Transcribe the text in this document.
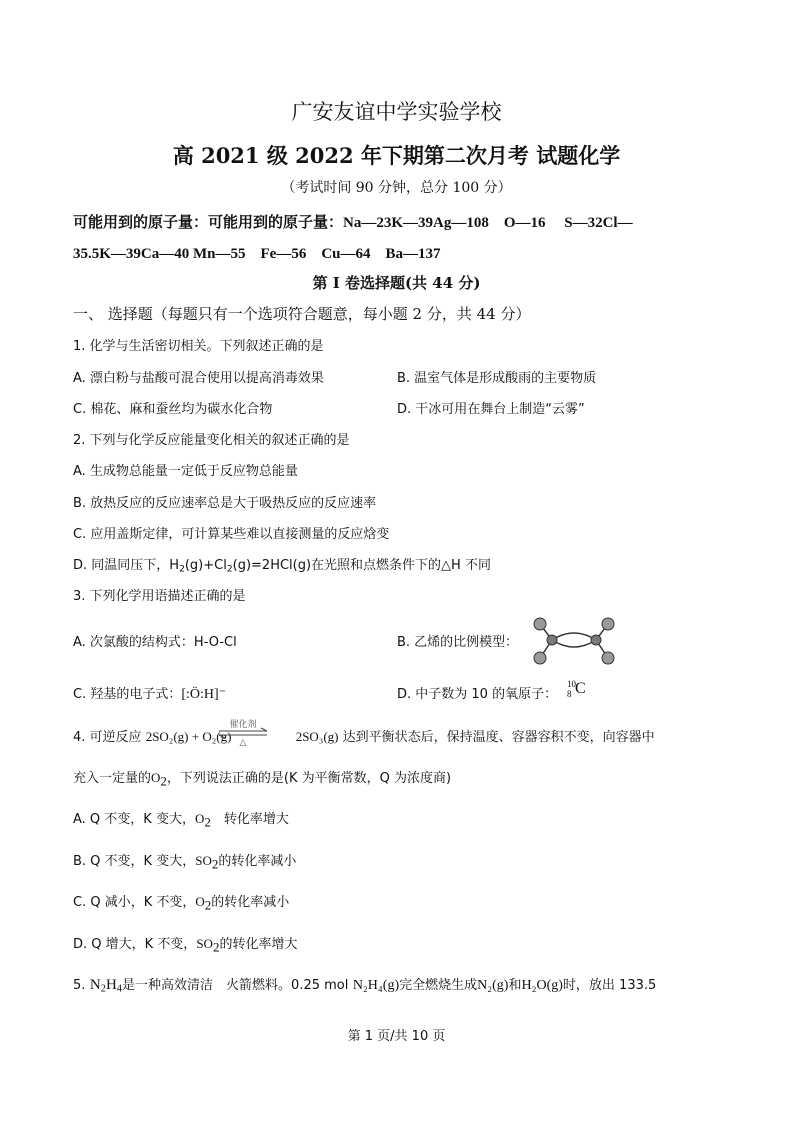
广安友谊中学实验学校
高 2021 级 2022 年下期第二次月考 试题化学
（考试时间 90 分钟，总分 100 分）
可能用到的原子量：可能用到的原子量：Na—23K—39Ag—108　O—16　 S—32Cl—
35.5K—39Ca—40 Mn—55　Fe—56　Cu—64　Ba—137
第 I 卷选择题(共 44 分)
一、 选择题（每题只有一个选项符合题意，每小题 2 分，共 44 分）
1. 化学与生活密切相关。下列叙述正确的是
A. 漂白粉与盐酸可混合使用以提高消毒效果	B. 温室气体是形成酸雨的主要物质
C. 棉花、麻和蚕丝均为碳水化合物	D. 干冰可用在舞台上制造“云雾”
2. 下列与化学反应能量变化相关的叙述正确的是
A. 生成物总能量一定低于反应物总能量
B. 放热反应的反应速率总是大于吸热反应的反应速率
C. 应用盖斯定律，可计算某些难以直接测量的反应焓变
D. 同温同压下，$H_2(g)+Cl_2(g)=2HCl(g)$在光照和点燃条件下的△H 不同
3. 下列化学用语描述正确的是
A. 次氯酸的结构式：H-O-Cl	B. 乙烯的比例模型：
C. 羟基的电子式：[:Ö:H]⁻	D. 中子数为 10 的氧原子：
10
8 C
4. 可逆反应 2SO₂(g) + O₂(g)	2SO₃(g) 达到平衡状态后，保持温度、容器容积不变，向容器中
催化剂
△
充入一定量的O2，下列说法正确的是(K 为平衡常数，Q 为浓度商)
A. Q 不变，K 变大，O2　转化率增大
B. Q 不变，K 变大，SO2的转化率减小
C. Q 减小，K 不变，O2的转化率减小
D. Q 增大，K 不变，SO2的转化率增大
5. $N_2H_4$是一种高效清洁　火箭燃料。0.25 mol N₂H₄(g)完全燃烧生成N₂(g)和H₂O(g)时，放出 133.5
第 1 页/共 10 页
